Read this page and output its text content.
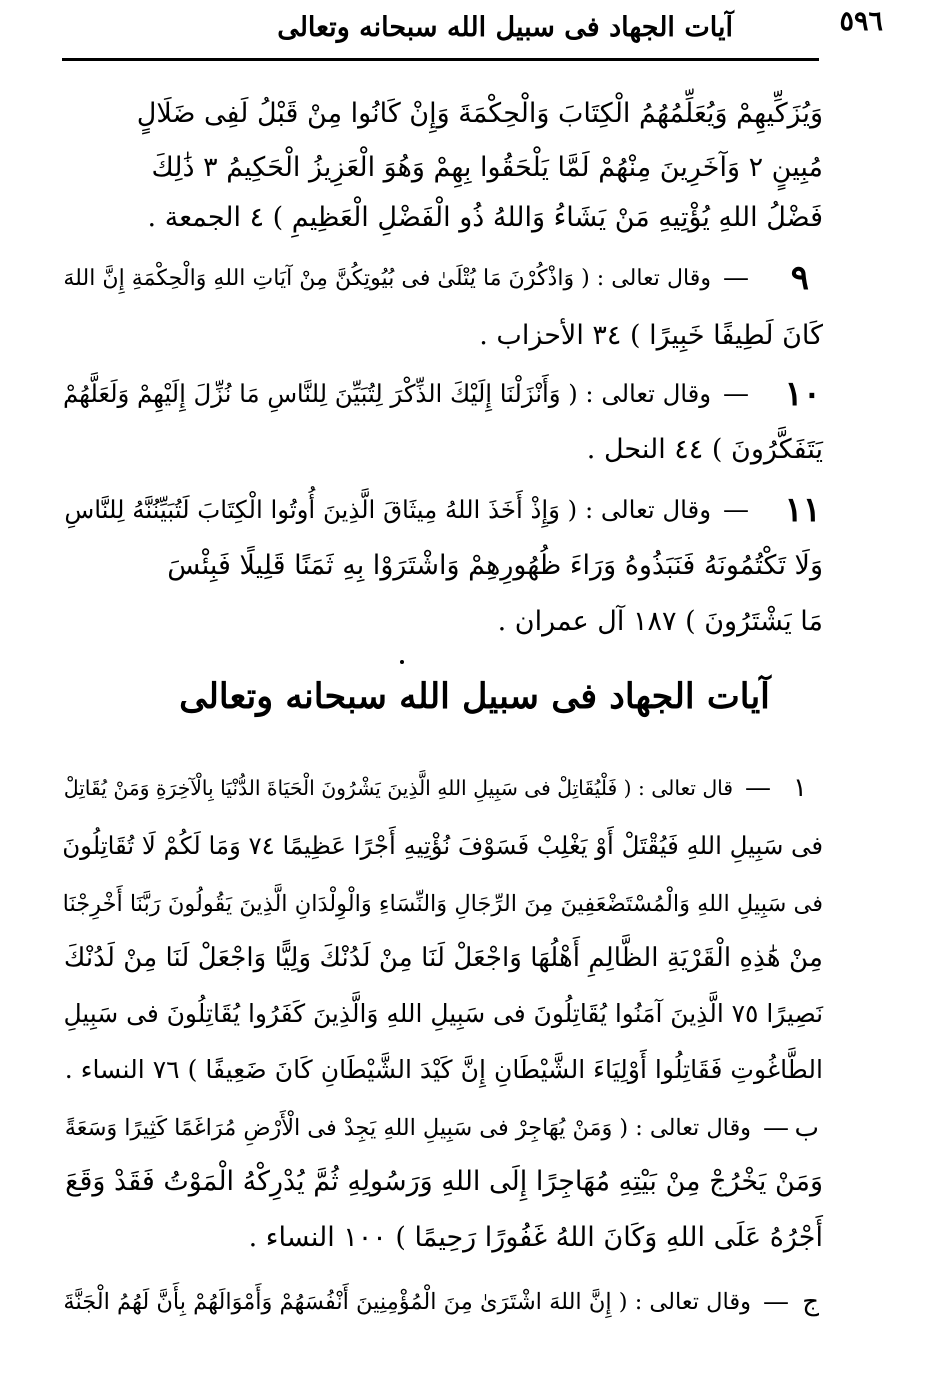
آيات الجهاد فى سبيل الله سبحانه وتعالى	٥٩٦
وَيُزَكِّيهِمْ وَيُعَلِّمُهُمُ الْكِتَابَ وَالْحِكْمَةَ وَإِنْ كَانُوا مِنْ قَبْلُ لَفِى ضَلَالٍ
مُبِينٍ ٢ وَآخَرِينَ مِنْهُمْ لَمَّا يَلْحَقُوا بِهِمْ وَهُوَ الْعَزِيزُ الْحَكِيمُ ٣ ذَٰلِكَ
فَضْلُ اللهِ يُؤْتِيهِ مَنْ يَشَاءُ وَاللهُ ذُو الْفَضْلِ الْعَظِيمِ ) ٤ الجمعة .
٩
—
وقال تعالى : ( وَاذْكُرْنَ مَا يُتْلَىٰ فى بُيُوتِكُنَّ مِنْ آيَاتِ اللهِ وَالْحِكْمَةِ إِنَّ اللهَ
كَانَ لَطِيفًا خَبِيرًا ) ٣٤ الأحزاب .
١٠
—
وقال تعالى : ( وَأَنْزَلْنَا إِلَيْكَ الذِّكْرَ لِتُبَيِّنَ لِلنَّاسِ مَا نُزِّلَ إِلَيْهِمْ وَلَعَلَّهُمْ
يَتَفَكَّرُونَ ) ٤٤ النحل .
١١
—
وقال تعالى : ( وَإِذْ أَخَذَ اللهُ مِيثَاقَ الَّذِينَ أُوتُوا الْكِتَابَ لَتُبَيِّنُنَّهُ لِلنَّاسِ
وَلَا تَكْتُمُونَهُ فَنَبَذُوهُ وَرَاءَ ظُهُورِهِمْ وَاشْتَرَوْا بِهِ ثَمَنًا قَلِيلًا فَبِئْسَ
مَا يَشْتَرُونَ ) ١٨٧ آل عمران .
آيات الجهاد فى سبيل الله سبحانه وتعالى
١
—
قال تعالى : ( فَلْيُقَاتِلْ فى سَبِيلِ اللهِ الَّذِينَ يَشْرُونَ الْحَيَاةَ الدُّنْيَا بِالْآخِرَةِ وَمَنْ يُقَاتِلْ
فى سَبِيلِ اللهِ فَيُقْتَلْ أَوْ يَغْلِبْ فَسَوْفَ نُؤْتِيهِ أَجْرًا عَظِيمًا ٧٤ وَمَا لَكُمْ لَا تُقَاتِلُونَ
فى سَبِيلِ اللهِ وَالْمُسْتَضْعَفِينَ مِنَ الرِّجَالِ وَالنِّسَاءِ وَالْوِلْدَانِ الَّذِينَ يَقُولُونَ رَبَّنَا أَخْرِجْنَا
مِنْ هَٰذِهِ الْقَرْيَةِ الظَّالِمِ أَهْلُهَا وَاجْعَلْ لَنَا مِنْ لَدُنْكَ وَلِيًّا وَاجْعَلْ لَنَا مِنْ لَدُنْكَ
نَصِيرًا ٧٥ الَّذِينَ آمَنُوا يُقَاتِلُونَ فى سَبِيلِ اللهِ وَالَّذِينَ كَفَرُوا يُقَاتِلُونَ فى سَبِيلِ
الطَّاغُوتِ فَقَاتِلُوا أَوْلِيَاءَ الشَّيْطَانِ إِنَّ كَيْدَ الشَّيْطَانِ كَانَ ضَعِيفًا ) ٧٦ النساء .
ب
—
وقال تعالى : ( وَمَنْ يُهَاجِرْ فى سَبِيلِ اللهِ يَجِدْ فى الْأَرْضِ مُرَاغَمًا كَثِيرًا وَسَعَةً
وَمَنْ يَخْرُجْ مِنْ بَيْتِهِ مُهَاجِرًا إِلَى اللهِ وَرَسُولِهِ ثُمَّ يُدْرِكْهُ الْمَوْتُ فَقَدْ وَقَعَ
أَجْرُهُ عَلَى اللهِ وَكَانَ اللهُ غَفُورًا رَحِيمًا ) ١٠٠ النساء .
ج
—
وقال تعالى : ( إِنَّ اللهَ اشْتَرَىٰ مِنَ الْمُؤْمِنِينَ أَنْفُسَهُمْ وَأَمْوَالَهُمْ بِأَنَّ لَهُمُ الْجَنَّةَ
